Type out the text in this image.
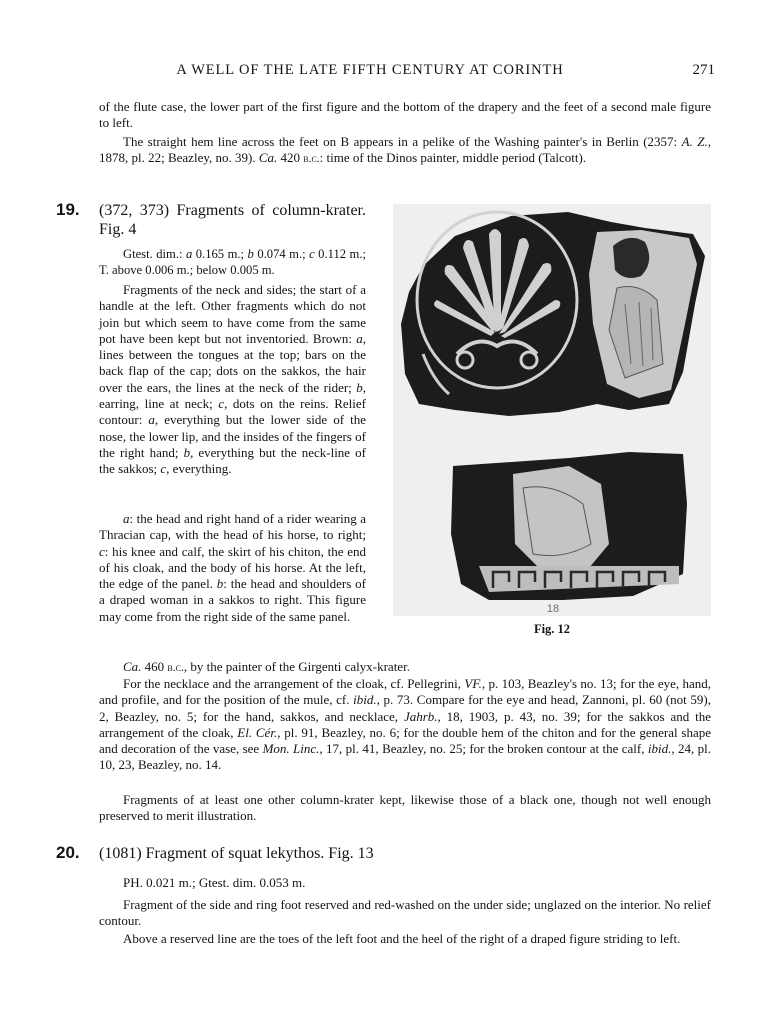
A WELL OF THE LATE FIFTH CENTURY AT CORINTH	271

of the flute case, the lower part of the first figure and the bottom of the drapery and the feet of a second male figure to left.

The straight hem line across the feet on B appears in a pelike of the Washing painter's in Berlin (2357: A. Z., 1878, pl. 22; Beazley, no. 39). Ca. 420 b.c.: time of the Dinos painter, middle period (Talcott).

19. (372, 373) Fragments of column-krater. Fig. 4

Gtest. dim.: a 0.165 m.; b 0.074 m.; c 0.112 m.; T. above 0.006 m.; below 0.005 m.

Fragments of the neck and sides; the start of a handle at the left. Other fragments which do not join but which seem to have come from the same pot have been kept but not inventoried. Brown: a, lines between the tongues at the top; bars on the back flap of the cap; dots on the sakkos, the hair over the ears, the lines at the neck of the rider; b, earring, line at neck; c, dots on the reins. Relief contour: a, everything but the lower side of the nose, the lower lip, and the insides of the fingers of the right hand; b, everything but the neck-line of the sakkos; c, everything.

a: the head and right hand of a rider wearing a Thracian cap, with the head of his horse, to right; c: his knee and calf, the skirt of his chiton, the end of his cloak, and the body of his horse. At the left, the edge of the panel. b: the head and shoulders of a draped woman in a sakkos to right. This figure may come from the right side of the same panel.

Ca. 460 b.c., by the painter of the Girgenti calyx-krater.

For the necklace and the arrangement of the cloak, cf. Pellegrini, VF., p. 103, Beazley's no. 13; for the eye, hand, and profile, and for the position of the mule, cf. ibid., p. 73. Compare for the eye and head, Zannoni, pl. 60 (not 59), 2, Beazley, no. 5; for the hand, sakkos, and necklace, Jahrb., 18, 1903, p. 43, no. 39; for the sakkos and the arrangement of the cloak, El. Cér., pl. 91, Beazley, no. 6; for the double hem of the chiton and for the general shape and decoration of the vase, see Mon. Linc., 17, pl. 41, Beazley, no. 25; for the broken contour at the calf, ibid., 24, pl. 10, 23, Beazley, no. 14.

Fragments of at least one other column-krater kept, likewise those of a black one, though not well enough preserved to merit illustration.

18
Fig. 12
20. (1081) Fragment of squat lekythos. Fig. 13

PH. 0.021 m.; Gtest. dim. 0.053 m.

Fragment of the side and ring foot reserved and red-washed on the under side; unglazed on the interior. No relief contour.

Above a reserved line are the toes of the left foot and the heel of the right of a draped figure striding to left.
